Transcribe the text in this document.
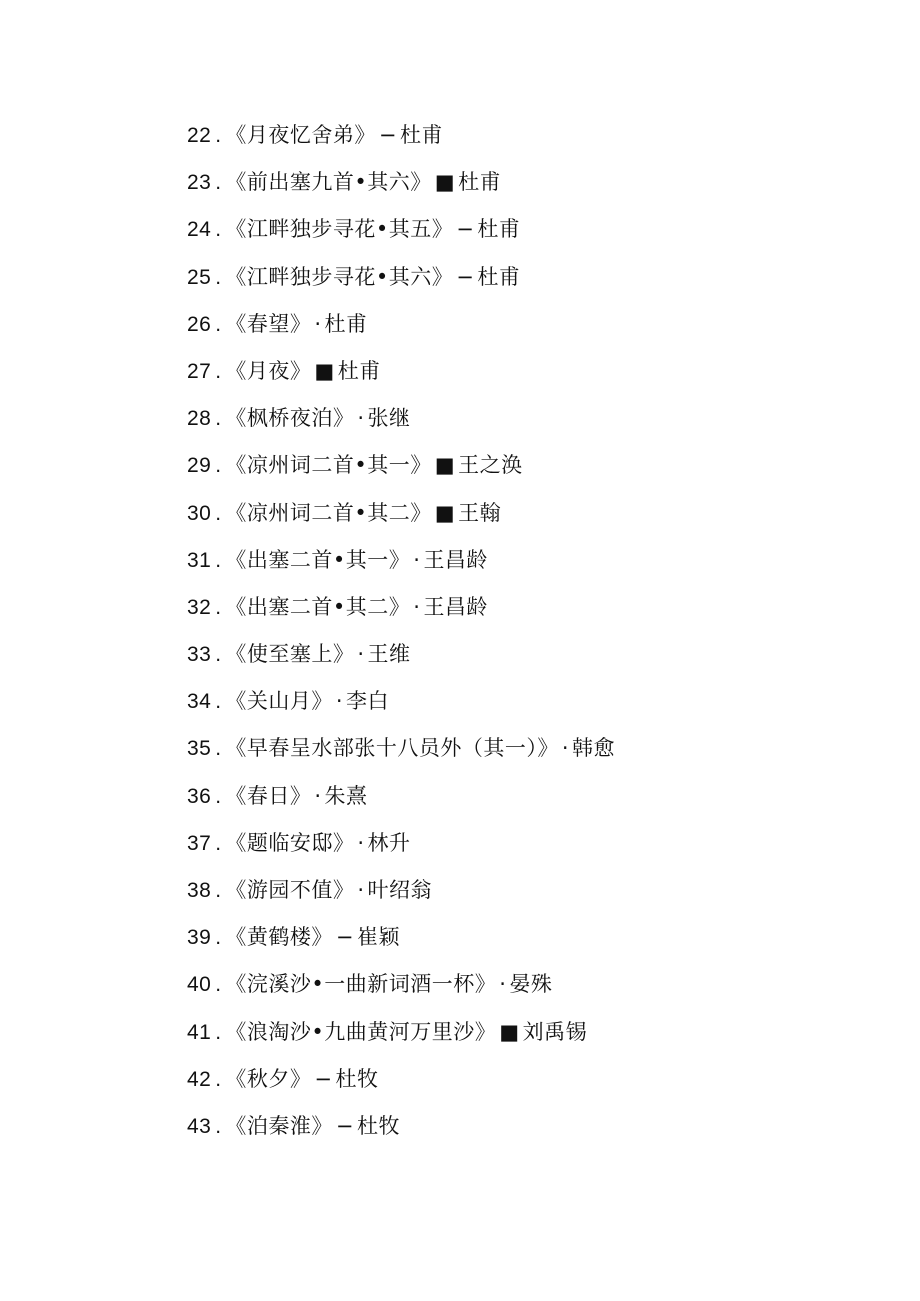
22 . 《月夜忆舍弟》 − 杜甫
23 . 《前出塞九首•其六》 ■ 杜甫
24 . 《江畔独步寻花•其五》 − 杜甫
25 . 《江畔独步寻花•其六》 − 杜甫
26 . 《春望》 · 杜甫
27 . 《月夜》 ■ 杜甫
28 . 《枫桥夜泊》 · 张继
29 . 《凉州词二首•其一》 ■ 王之涣
30 . 《凉州词二首•其二》 ■ 王翰
31 . 《出塞二首•其一》 · 王昌龄
32 . 《出塞二首•其二》 · 王昌龄
33 . 《使至塞上》 · 王维
34 . 《关山月》 · 李白
35 . 《早春呈水部张十八员外（其一）》 · 韩愈
36 . 《春日》 · 朱熹
37 . 《题临安邸》 · 林升
38 . 《游园不值》 · 叶绍翁
39 . 《黄鹤楼》 − 崔颖
40 . 《浣溪沙•一曲新词酒一杯》 · 晏殊
41 . 《浪淘沙•九曲黄河万里沙》 ■ 刘禹锡
42 . 《秋夕》 − 杜牧
43 . 《泊秦淮》 − 杜牧
